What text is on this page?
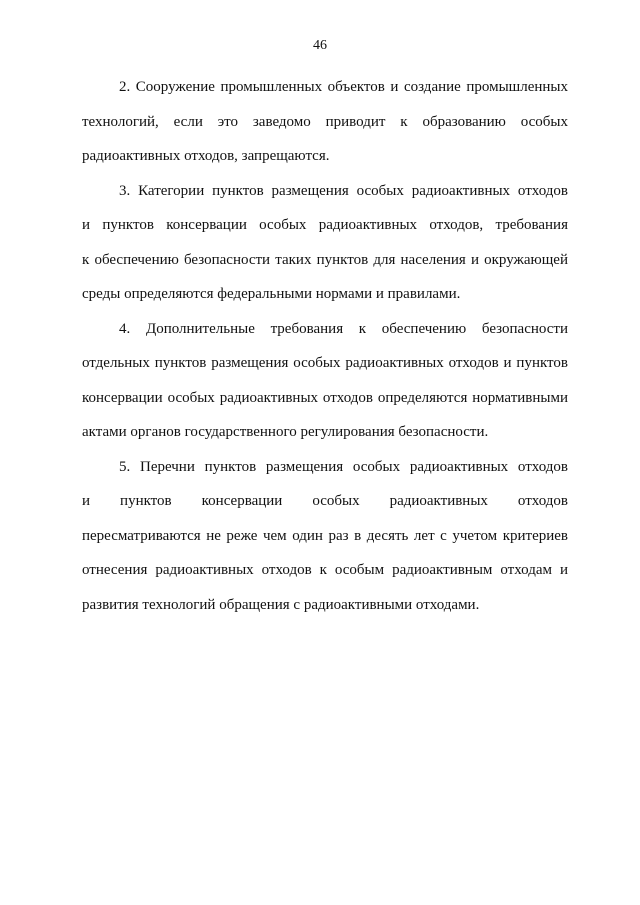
46
2. Сооружение промышленных объектов и создание промышленных
технологий, если это заведомо приводит к образованию особых
радиоактивных отходов, запрещаются.
3. Категории пунктов размещения особых радиоактивных отходов
и пунктов консервации особых радиоактивных отходов, требования
к обеспечению безопасности таких пунктов для населения и окружающей
среды определяются федеральными нормами и правилами.
4. Дополнительные требования к обеспечению безопасности
отдельных пунктов размещения особых радиоактивных отходов и пунктов
консервации особых радиоактивных отходов определяются нормативными
актами органов государственного регулирования безопасности.
5. Перечни пунктов размещения особых радиоактивных отходов
и пунктов консервации особых радиоактивных отходов
пересматриваются не реже чем один раз в десять лет с учетом критериев
отнесения радиоактивных отходов к особым радиоактивным отходам и
развития технологий обращения с радиоактивными отходами.
